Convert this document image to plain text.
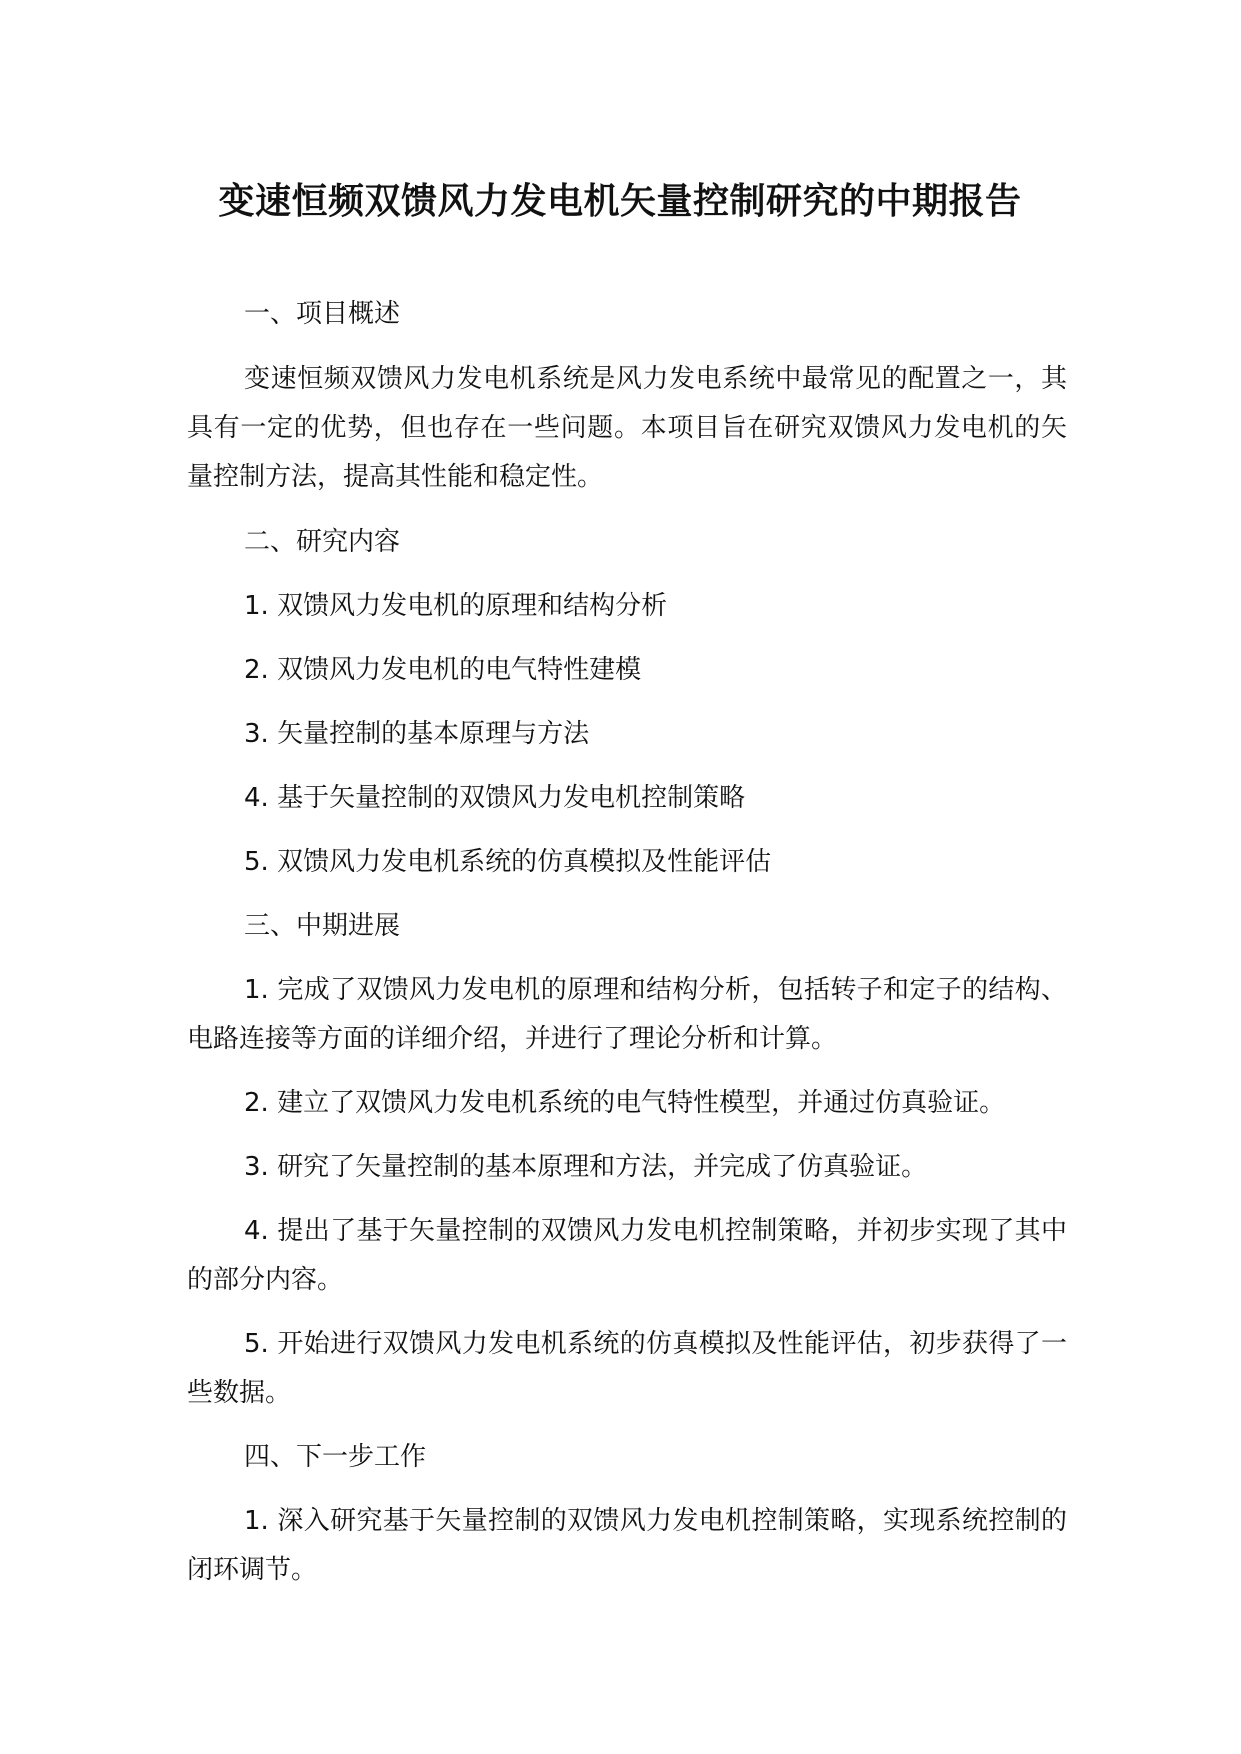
变速恒频双馈风力发电机矢量控制研究的中期报告

一、项目概述

变速恒频双馈风力发电机系统是风力发电系统中最常见的配置之一，其具有一定的优势，但也存在一些问题。本项目旨在研究双馈风力发电机的矢量控制方法，提高其性能和稳定性。

二、研究内容

1. 双馈风力发电机的原理和结构分析

2. 双馈风力发电机的电气特性建模

3. 矢量控制的基本原理与方法

4. 基于矢量控制的双馈风力发电机控制策略

5. 双馈风力发电机系统的仿真模拟及性能评估

三、中期进展

1. 完成了双馈风力发电机的原理和结构分析，包括转子和定子的结构、电路连接等方面的详细介绍，并进行了理论分析和计算。

2. 建立了双馈风力发电机系统的电气特性模型，并通过仿真验证。

3. 研究了矢量控制的基本原理和方法，并完成了仿真验证。

4. 提出了基于矢量控制的双馈风力发电机控制策略，并初步实现了其中的部分内容。

5. 开始进行双馈风力发电机系统的仿真模拟及性能评估，初步获得了一些数据。

四、下一步工作

1. 深入研究基于矢量控制的双馈风力发电机控制策略，实现系统控制的闭环调节。
